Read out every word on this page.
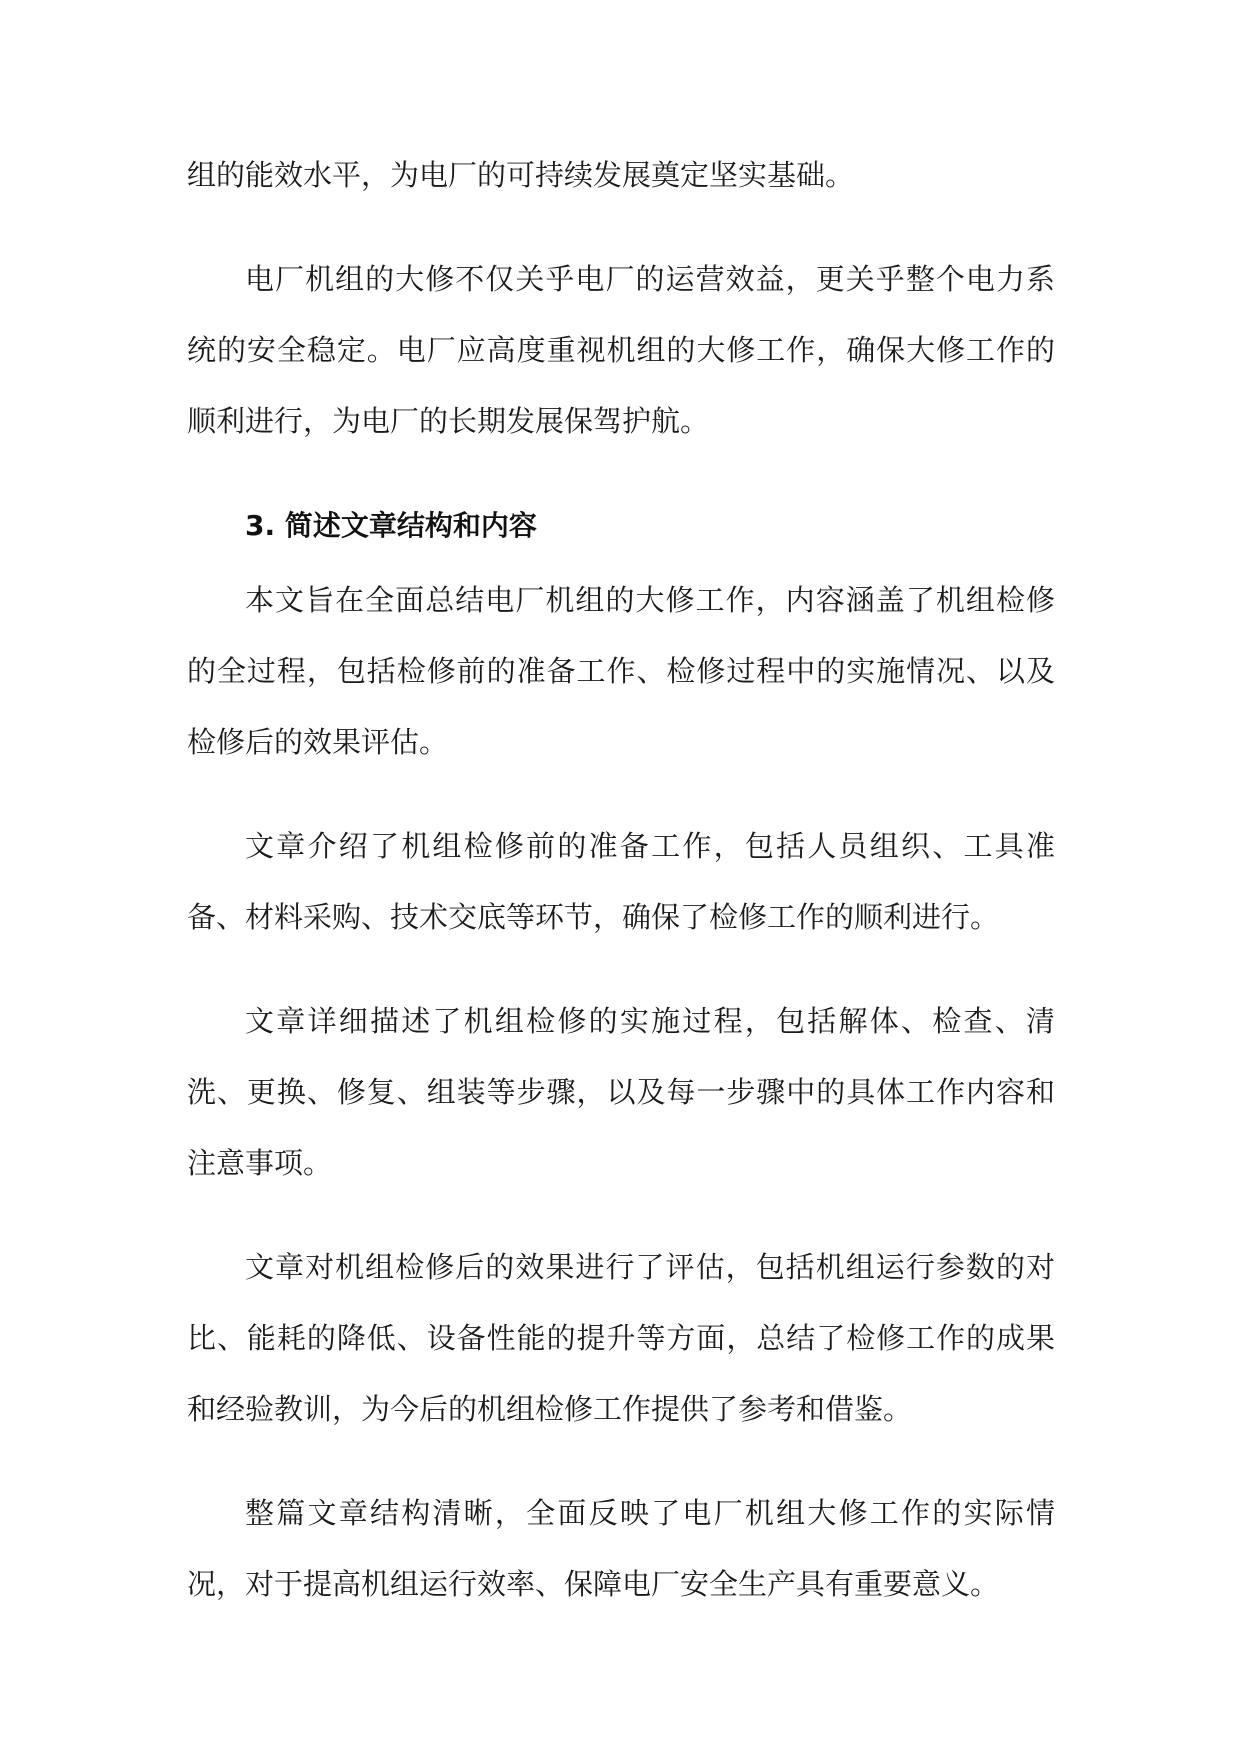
组的能效水平，为电厂的可持续发展奠定坚实基础。

电厂机组的大修不仅关乎电厂的运营效益，更关乎整个电力系统的安全稳定。电厂应高度重视机组的大修工作，确保大修工作的顺利进行，为电厂的长期发展保驾护航。

3. 简述文章结构和内容

本文旨在全面总结电厂机组的大修工作，内容涵盖了机组检修的全过程，包括检修前的准备工作、检修过程中的实施情况、以及检修后的效果评估。

文章介绍了机组检修前的准备工作，包括人员组织、工具准备、材料采购、技术交底等环节，确保了检修工作的顺利进行。

文章详细描述了机组检修的实施过程，包括解体、检查、清洗、更换、修复、组装等步骤，以及每一步骤中的具体工作内容和注意事项。

文章对机组检修后的效果进行了评估，包括机组运行参数的对比、能耗的降低、设备性能的提升等方面，总结了检修工作的成果和经验教训，为今后的机组检修工作提供了参考和借鉴。

整篇文章结构清晰，全面反映了电厂机组大修工作的实际情况，对于提高机组运行效率、保障电厂安全生产具有重要意义。
